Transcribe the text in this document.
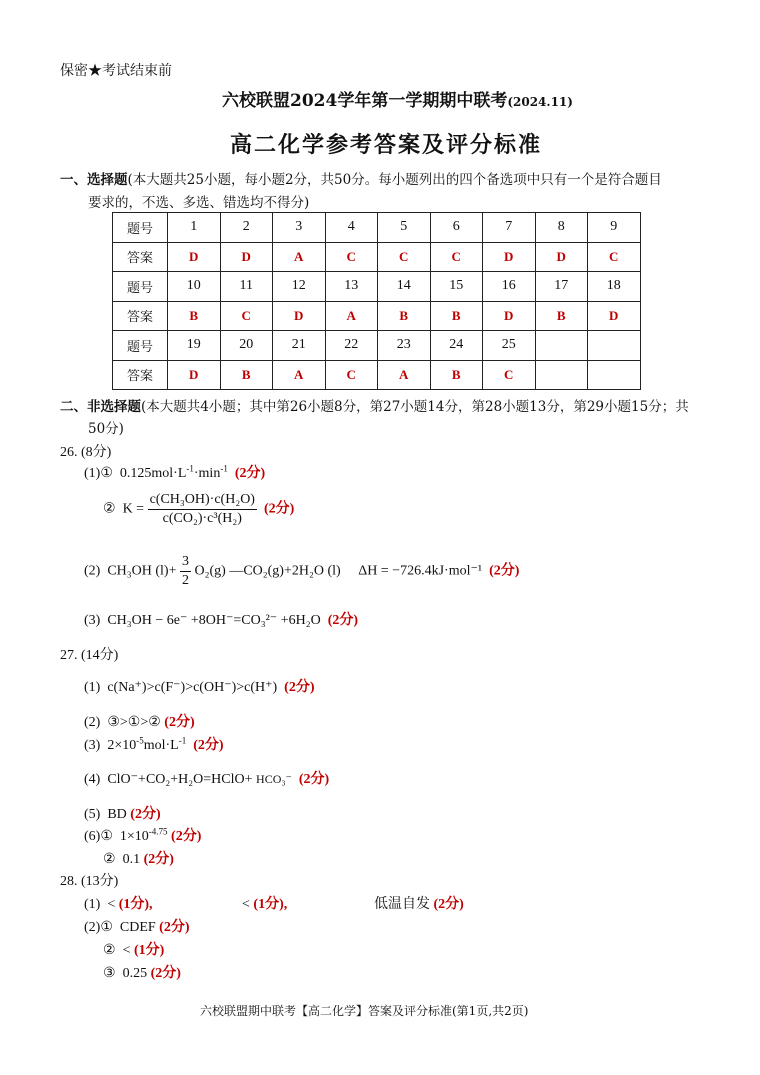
保密★考试结束前
六校联盟2024学年第一学期期中联考(2024.11)
高二化学参考答案及评分标准
一、选择题(本大题共25小题，每小题2分，共50分。每小题列出的四个备选项中只有一个是符合题目
要求的，不选、多选、错选均不得分)
题号	1	2	3	4	5	6	7	8	9
答案	D	D	A	C	C	C	D	D	C
题号	10	11	12	13	14	15	16	17	18
答案	B	C	D	A	B	B	D	B	D
题号	19	20	21	22	23	24	25		
答案	D	B	A	C	A	B	C		
二、非选择题(本大题共4小题；其中第26小题8分，第27小题14分，第28小题13分，第29小题15分；共
50分)
26. (8分)
(1)① $0.125mol\cdot L^{-1}\cdot\min^{-1}$ (2分)
② $K = \frac{\text{c(CH₃OH)·c(H₂O)}}{\text{c(CO₂)·c³(H₂)}} (2$分)
(2) CH₃OH $(l)+ \frac{3}{2} O_2(g)$ —CO₂(g)+2H₂O (l) ΔH = −726.4kJ·mol⁻¹ (2分)
(3) CH₃OH − 6e⁻ +8OH⁻=CO₃²⁻ +6H₂O (2分)
27. (14分)
(1) c(Na⁺)>c(F⁻)>c(OH⁻)>c(H⁺) (2分)
(2) ③>①>② (2分)
(3) $2\times 10^{-5}mol\cdot L^{-1}$ (2分)
(4) ClO⁻+CO₂+H₂O=HClO+ HCO₃⁻ (2分)
(5) BD (2分)
(6)① $1\times 10^{-4.75}$ (2分)
② 0.1 (2分)
28. (13分)
(1) < (1分),	< (1分),	低温自发 (2分)
(2)① CDEF (2分)
② < (1分)
③ 0.25 (2分)
六校联盟期中联考【高二化学】答案及评分标准(第1页,共2页)
